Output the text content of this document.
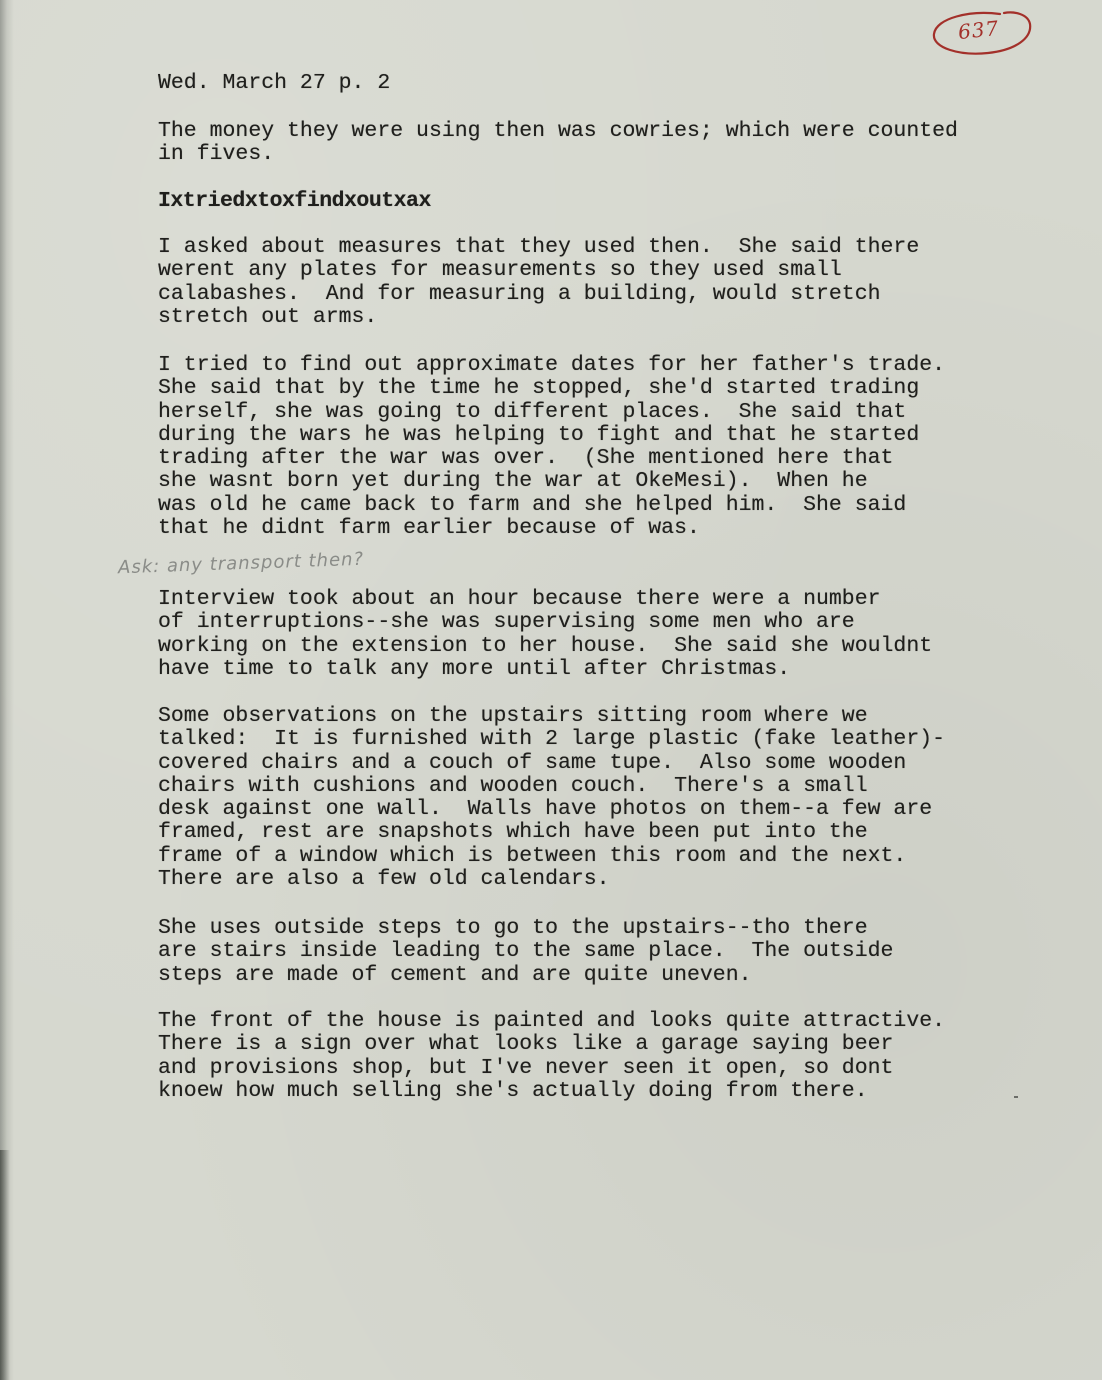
637
Wed. March 27 p. 2
The money they were using then was cowries; which were counted
in fives.
Ixtriedxtoxfindxoutxax
I asked about measures that they used then.  She said there
werent any plates for measurements so they used small
calabashes.  And for measuring a building, would stretch
stretch out arms.
I tried to find out approximate dates for her father's trade.
She said that by the time he stopped, she'd started trading
herself, she was going to different places.  She said that
during the wars he was helping to fight and that he started
trading after the war was over.  (She mentioned here that
she wasnt born yet during the war at OkeMesi).  When he
was old he came back to farm and she helped him.  She said
that he didnt farm earlier because of was.
Interview took about an hour because there were a number
of interruptions--she was supervising some men who are
working on the extension to her house.  She said she wouldnt
have time to talk any more until after Christmas.
Some observations on the upstairs sitting room where we
talked:  It is furnished with 2 large plastic (fake leather)-
covered chairs and a couch of same tupe.  Also some wooden
chairs with cushions and wooden couch.  There's a small
desk against one wall.  Walls have photos on them--a few are
framed, rest are snapshots which have been put into the
frame of a window which is between this room and the next.
There are also a few old calendars.
She uses outside steps to go to the upstairs--tho there
are stairs inside leading to the same place.  The outside
steps are made of cement and are quite uneven.
The front of the house is painted and looks quite attractive.
There is a sign over what looks like a garage saying beer
and provisions shop, but I've never seen it open, so dont
knoew how much selling she's actually doing from there.
Ask: any transport then?
